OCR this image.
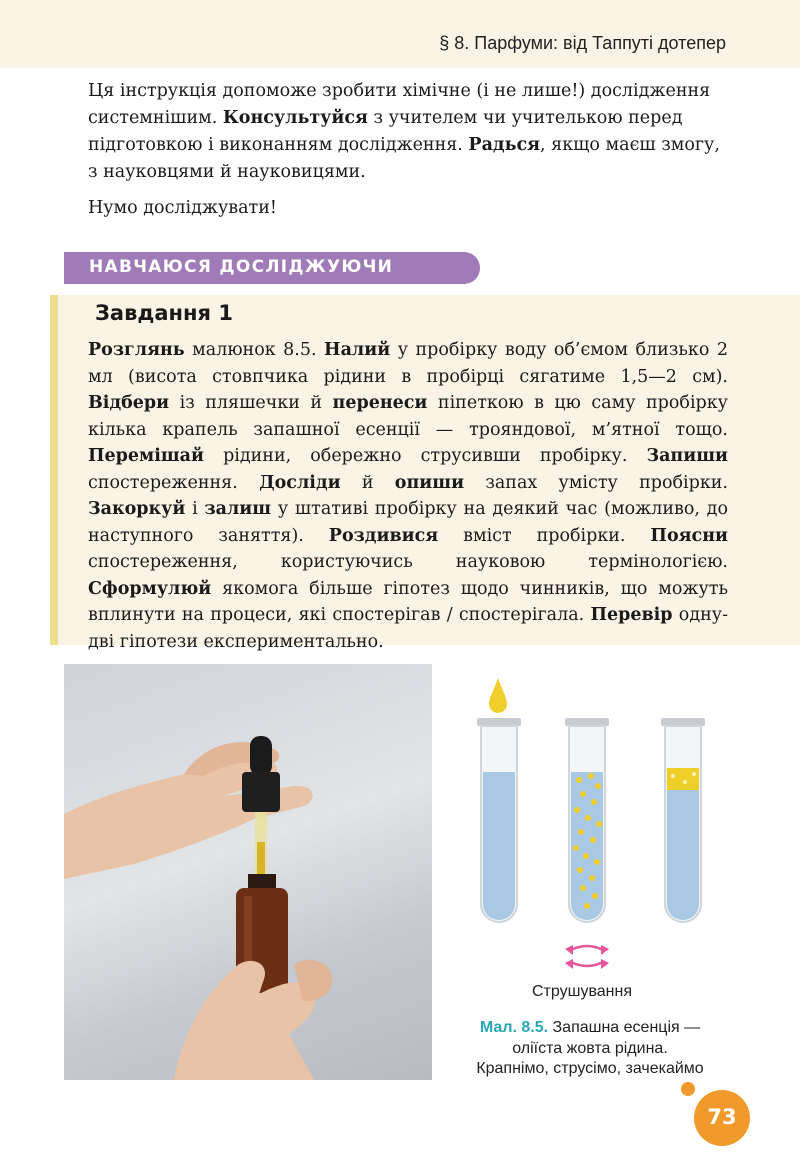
§ 8. Парфуми: від Таппуті дотепер

Ця інструкція допоможе зробити хімічне (і не лише!) дослідження системнішим. Консультуйся з учителем чи учителькою перед підготовкою і виконанням дослідження. Радься, якщо маєш змогу, з науковцями й науковицями.

Нумо досліджувати!

НАВЧАЮСЯ ДОСЛІДЖУЮЧИ
Завдання 1
Розглянь малюнок 8.5. Налий у пробірку воду об’ємом близько 2 мл (висота стовпчика рідини в пробірці сягатиме 1,5—2 см). Відбери із пляшечки й перенеси піпеткою в цю саму пробірку кілька крапель запашної есенції — трояндової, м’ятної тощо. Перемішай рідини, обережно струсивши пробірку. Запиши спостереження. Досліди й опиши запах умісту пробірки. Закоркуй і залиш у штативі пробірку на деякий час (можливо, до наступного заняття). Роздивися вміст пробірки. Поясни спостереження, користуючись науковою термінологією. Сформулюй якомога більше гіпотез щодо чинників, що можуть вплинути на процеси, які спостерігав / спостерігала. Перевір одну-дві гіпотези експериментально.
Струшування
Мал. 8.5. Запашна есенція —
оліїста жовта рідина.
Крапнімо, струсімо, зачекаймо
73
